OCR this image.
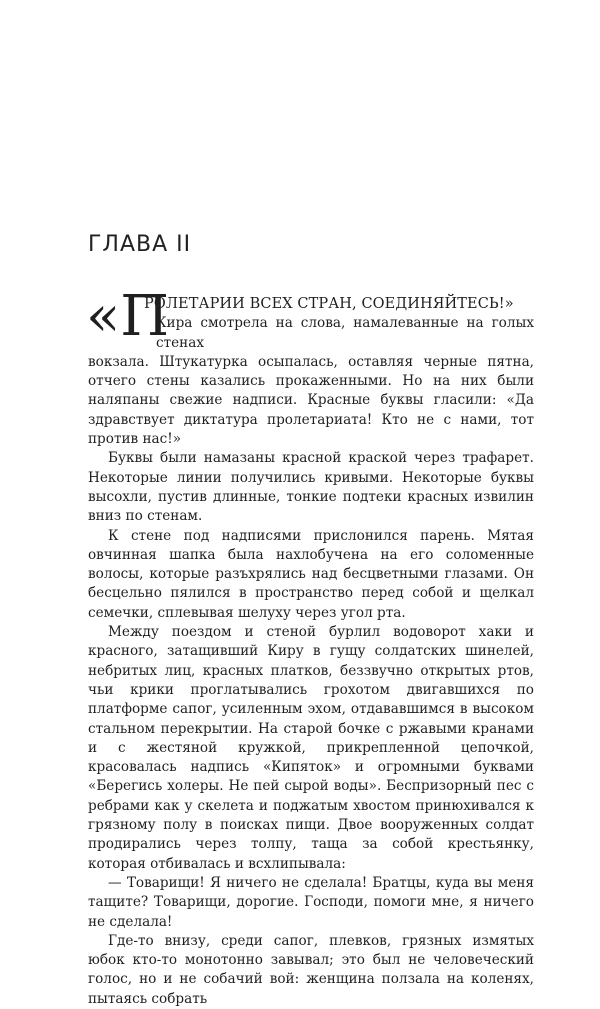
ГЛАВА II
«П
РОЛЕТАРИИ ВСЕХ СТРАН, СОЕДИНЯЙТЕСЬ!»
Кира смотрела на слова, намалеванные на голых стенах
вокзала. Штукатурка осыпалась, оставляя черные пятна, отчего стены казались прокаженными. Но на них были наляпаны свежие надписи. Красные буквы гласили: «Да здравствует диктатура пролетариата! Кто не с нами, тот против нас!»

Буквы были намазаны красной краской через трафарет. Некоторые линии получились кривыми. Некоторые буквы высохли, пустив длинные, тонкие подтеки красных извилин вниз по стенам.

К стене под надписями прислонился парень. Мятая овчинная шапка была нахлобучена на его соломенные волосы, которые разъхрялись над бесцветными глазами. Он бесцельно пялился в пространство перед собой и щелкал семечки, сплевывая шелуху через угол рта.

Между поездом и стеной бурлил водоворот хаки и красного, затащивший Киру в гущу солдатских шинелей, небритых лиц, красных платков, беззвучно открытых ртов, чьи крики проглатывались грохотом двигавшихся по платформе сапог, усиленным эхом, отдававшимся в высоком стальном перекрытии. На старой бочке с ржавыми кранами и с жестяной кружкой, прикрепленной цепочкой, красовалась надпись «Кипяток» и огромными буквами «Берегись холеры. Не пей сырой воды». Беспризорный пес с ребрами как у скелета и поджатым хвостом принюхивался к грязному полу в поисках пищи. Двое вооруженных солдат продирались через толпу, таща за собой крестьянку, которая отбивалась и всхлипывала:

— Товарищи! Я ничего не сделала! Братцы, куда вы меня тащите? Товарищи, дорогие. Господи, помоги мне, я ничего не сделала!

Где-то внизу, среди сапог, плевков, грязных измятых юбок кто-то монотонно завывал; это был не человеческий голос, но и не собачий вой: женщина ползала на коленях, пытаясь собрать
